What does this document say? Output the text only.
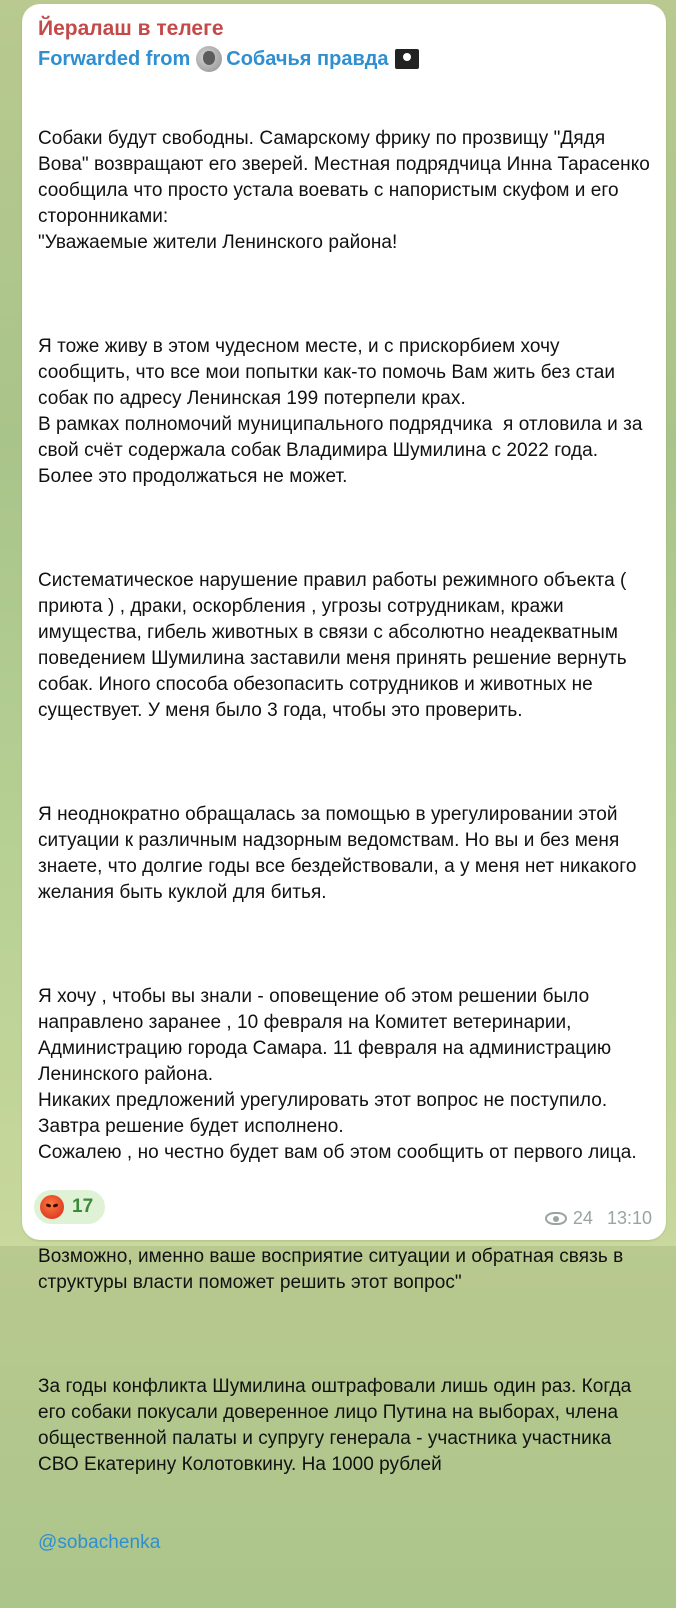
Йералаш в телеге
Forwarded from Собачья правда

Собаки будут свободны. Самарскому фрику по прозвищу "Дядя Вова" возвращают его зверей. Местная подрядчица Инна Тарасенко сообщила что просто устала воевать с напористым скуфом и его сторонниками:
"Уважаемые жители Ленинского района!

Я тоже живу в этом чудесном месте, и с прискорбием хочу сообщить, что все мои попытки как-то помочь Вам жить без стаи собак по адресу Ленинская 199 потерпели крах.
В рамках полномочий муниципального подрядчика  я отловила и за свой счёт содержала собак Владимира Шумилина с 2022 года. Более это продолжаться не может.

Систематическое нарушение правил работы режимного объекта ( приюта ) , драки, оскорбления , угрозы сотрудникам, кражи имущества, гибель животных в связи с абсолютно неадекватным поведением Шумилина заставили меня принять решение вернуть собак. Иного способа обезопасить сотрудников и животных не существует. У меня было 3 года, чтобы это проверить.

Я неоднократно обращалась за помощью в урегулировании этой ситуации к различным надзорным ведомствам. Но вы и без меня знаете, что долгие годы все бездействовали, а у меня нет никакого желания быть куклой для битья.

Я хочу , чтобы вы знали - оповещение об этом решении было направлено заранее , 10 февраля на Комитет ветеринарии, Администрацию города Самара. 11 февраля на администрацию Ленинского района.
Никаких предложений урегулировать этот вопрос не поступило.
Завтра решение будет исполнено.
Сожалею , но честно будет вам об этом сообщить от первого лица.

Возможно, именно ваше восприятие ситуации и обратная связь в структуры власти поможет решить этот вопрос"

За годы конфликта Шумилина оштрафовали лишь один раз. Когда его собаки покусали доверенное лицо Путина на выборах, члена общественной палаты и супругу генерала - участника участника СВО Екатерину Колотовкину. На 1000 рублей

@sobachenka

17
24 13:10
